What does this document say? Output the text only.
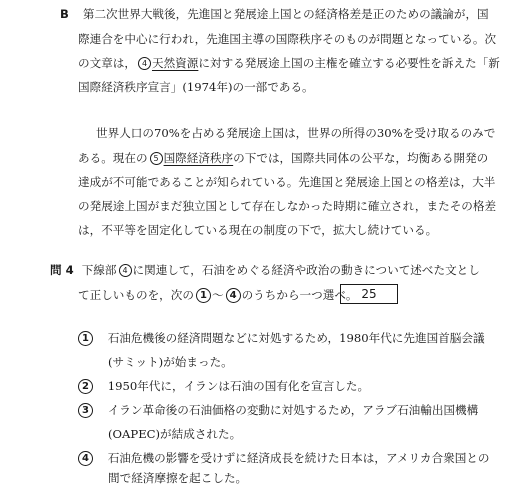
B 第二次世界大戦後，先進国と発展途上国との経済格差是正のための議論が，国
際連合を中心に行われ，先進国主導の国際秩序そのものが問題となっている。次
の文章は， 4 天然資源に対する発展途上国の主権を確立する必要性を訴えた「新
国際経済秩序宣言」(1974年)の一部である。
世界人口の70%を占める発展途上国は，世界の所得の30%を受け取るのみで
ある。現在の 5 国際経済秩序の下では，国際共同体の公平な，均衡ある開発の
達成が不可能であることが知られている。先進国と発展途上国との格差は，大半
の発展途上国がまだ独立国として存在しなかった時期に確立され，またその格差
は，不平等を固定化している現在の制度の下で，拡大し続けている。
問 4 下線部 4 に関連して，石油をめぐる経済や政治の動きについて述べた文とし
て正しいものを，次の 1 ～ 4 のうちから一つ選べ。 25
1 石油危機後の経済問題などに対処するため，1980年代に先進国首脳会議
(サミット)が始まった。
2 1950年代に，イランは石油の国有化を宣言した。
3 イラン革命後の石油価格の変動に対処するため，アラブ石油輸出国機構
(OAPEC)が結成された。
4 石油危機の影響を受けずに経済成長を続けた日本は，アメリカ合衆国との
間で経済摩擦を起こした。
